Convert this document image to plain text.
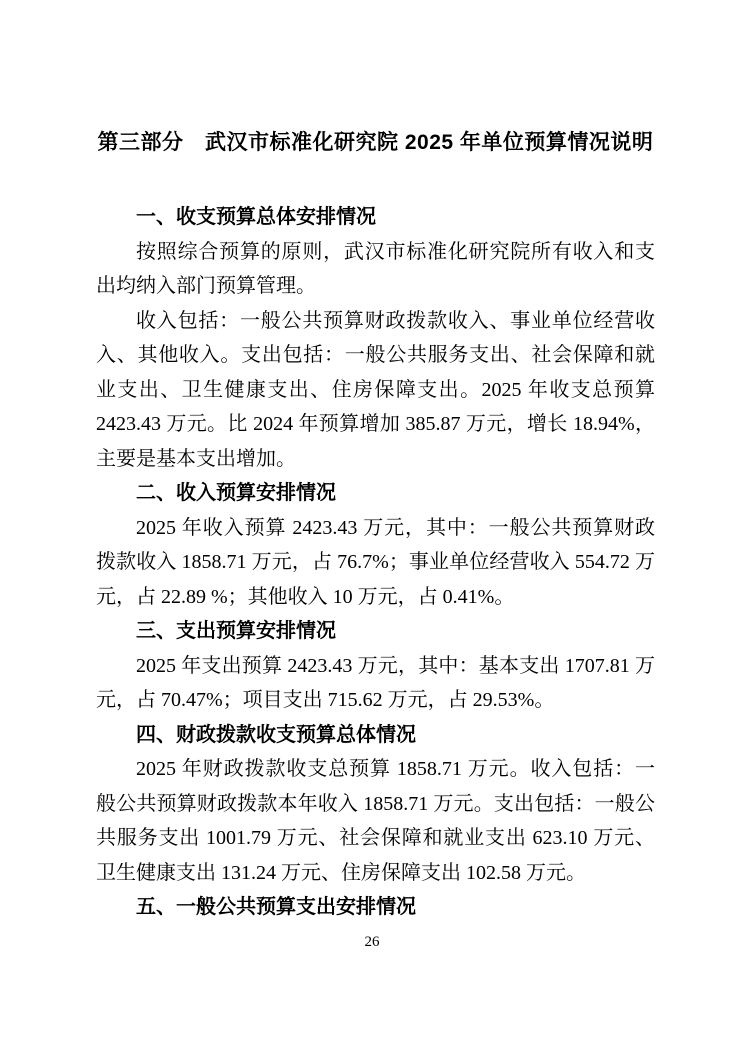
第三部分　武汉市标准化研究院 2025 年单位预算情况说明
一、收支预算总体安排情况

按照综合预算的原则，武汉市标准化研究院所有收入和支出均纳入部门预算管理。

收入包括：一般公共预算财政拨款收入、事业单位经营收入、其他收入。支出包括：一般公共服务支出、社会保障和就业支出、卫生健康支出、住房保障支出。2025 年收支总预算 2423.43 万元。比 2024 年预算增加 385.87 万元，增长 18.94%，主要是基本支出增加。

二、收入预算安排情况

2025 年收入预算 2423.43 万元，其中：一般公共预算财政拨款收入 1858.71 万元，占 76.7%；事业单位经营收入 554.72 万元，占 22.89 %；其他收入 10 万元，占 0.41%。

三、支出预算安排情况

2025 年支出预算 2423.43 万元，其中：基本支出 1707.81 万元，占 70.47%；项目支出 715.62 万元，占 29.53%。

四、财政拨款收支预算总体情况

2025 年财政拨款收支总预算 1858.71 万元。收入包括：一般公共预算财政拨款本年收入 1858.71 万元。支出包括：一般公共服务支出 1001.79 万元、社会保障和就业支出 623.10 万元、卫生健康支出 131.24 万元、住房保障支出 102.58 万元。

五、一般公共预算支出安排情况
26
